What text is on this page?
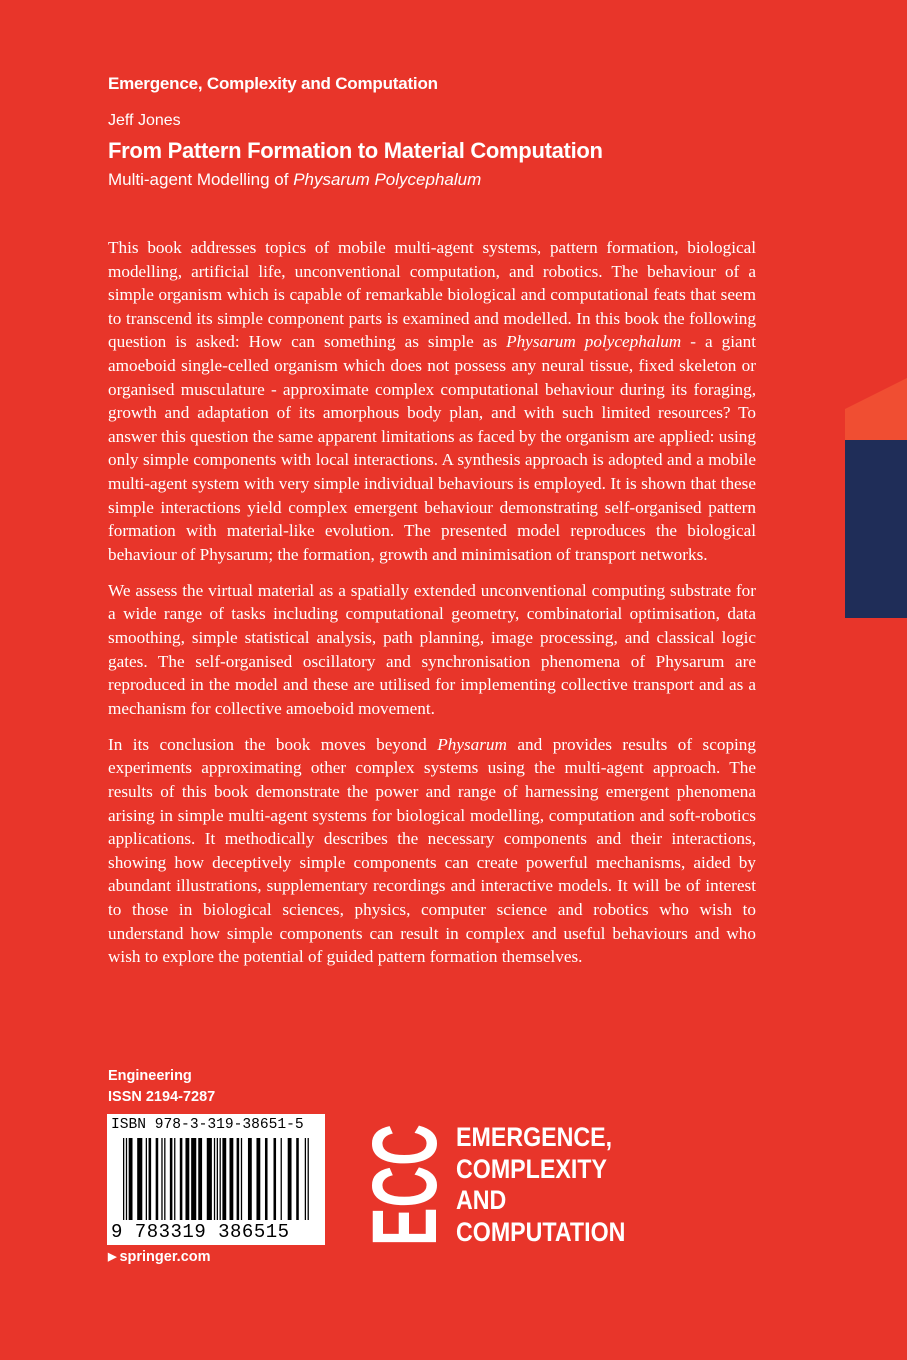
Emergence, Complexity and Computation
Jeff Jones
From Pattern Formation to Material Computation
Multi-agent Modelling of Physarum Polycephalum

This book addresses topics of mobile multi-agent systems, pattern formation, biological modelling, artificial life, unconventional computation, and robotics. The behaviour of a simple organism which is capable of remarkable biological and computational feats that seem to transcend its simple component parts is examined and modelled. In this book the following question is asked: How can something as simple as Physarum polycephalum - a giant amoeboid single-celled organism which does not possess any neural tissue, fixed skeleton or organised musculature - approximate complex computational behaviour during its foraging, growth and adaptation of its amorphous body plan, and with such limited resources? To answer this question the same apparent limitations as faced by the organism are applied: using only simple components with local interactions. A synthesis approach is adopted and a mobile multi-agent system with very simple individual behaviours is employed. It is shown that these simple interactions yield complex emergent behaviour demonstrating self-organised pattern formation with material-like evolution. The presented model reproduces the biological behaviour of Physarum; the formation, growth and minimisation of transport networks.

We assess the virtual material as a spatially extended unconventional computing substrate for a wide range of tasks including computational geometry, combinatorial optimisation, data smoothing, simple statistical analysis, path planning, image processing, and classical logic gates. The self-organised oscillatory and synchronisation phenomena of Physarum are reproduced in the model and these are utilised for implementing collective transport and as a mechanism for collective amoeboid movement.

In its conclusion the book moves beyond Physarum and provides results of scoping experiments approximating other complex systems using the multi-agent approach. The results of this book demonstrate the power and range of harnessing emergent phenomena arising in simple multi-agent systems for biological modelling, computation and soft-robotics applications. It methodically describes the necessary components and their interactions, showing how deceptively simple components can create powerful mechanisms, aided by abundant illustrations, supplementary recordings and interactive models. It will be of interest to those in biological sciences, physics, computer science and robotics who wish to understand how simple components can result in complex and useful behaviours and who wish to explore the potential of guided pattern formation themselves.

Engineering
ISSN 2194-7287
ISBN 978-3-319-38651-5
9 783319 386515 ECC EMERGENCE,
COMPLEXITY
AND
COMPUTATION
▶ springer.com
